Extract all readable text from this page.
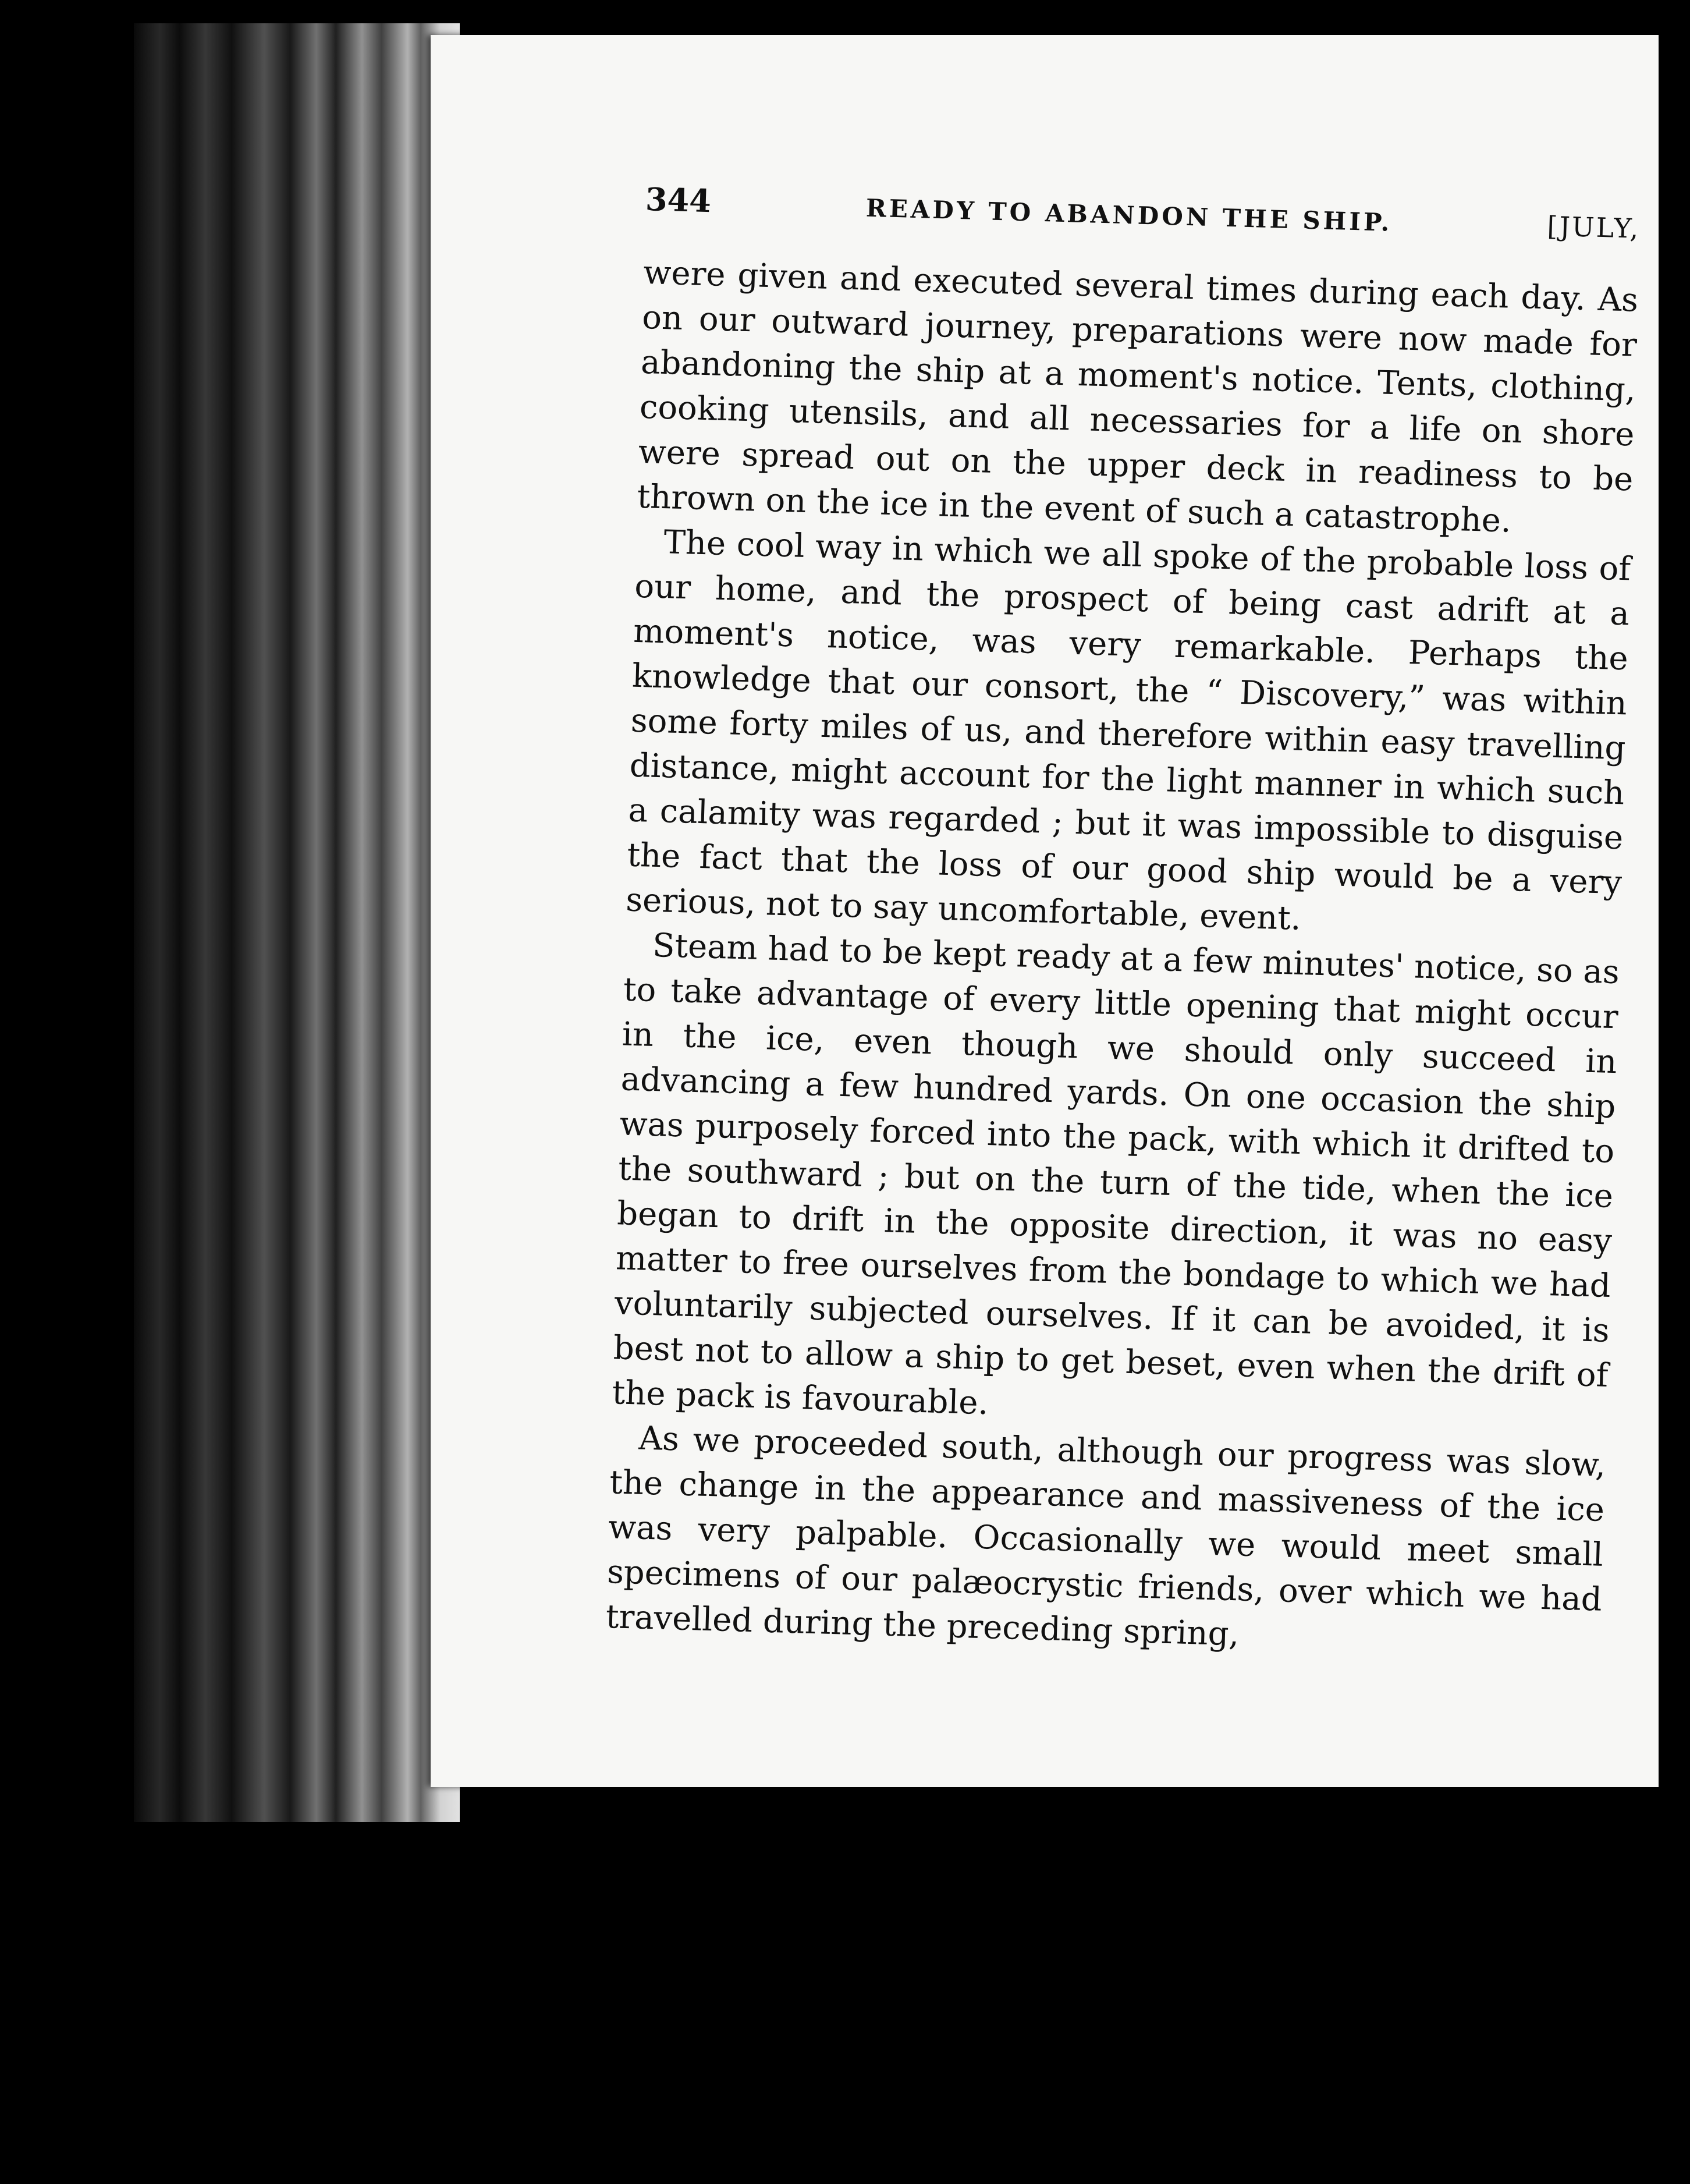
344	READY TO ABANDON THE SHIP.	[JULY,

were given and executed several times during each day. As on our outward journey, preparations were now made for abandoning the ship at a moment's notice. Tents, clothing, cooking utensils, and all necessaries for a life on shore were spread out on the upper deck in readiness to be thrown on the ice in the event of such a catastrophe.

The cool way in which we all spoke of the probable loss of our home, and the prospect of being cast adrift at a moment's notice, was very remarkable. Perhaps the knowledge that our consort, the “ Discovery,” was within some forty miles of us, and therefore within easy travelling distance, might account for the light manner in which such a calamity was regarded ; but it was impossible to disguise the fact that the loss of our good ship would be a very serious, not to say uncomfortable, event.

Steam had to be kept ready at a few minutes' notice, so as to take advantage of every little opening that might occur in the ice, even though we should only succeed in advancing a few hundred yards. On one occasion the ship was purposely forced into the pack, with which it drifted to the southward ; but on the turn of the tide, when the ice began to drift in the opposite direction, it was no easy matter to free ourselves from the bondage to which we had voluntarily subjected ourselves. If it can be avoided, it is best not to allow a ship to get beset, even when the drift of the pack is favourable.

As we proceeded south, although our progress was slow, the change in the appearance and massiveness of the ice was very palpable. Occasionally we would meet small specimens of our palæocrystic friends, over which we had travelled during the preceding spring,
